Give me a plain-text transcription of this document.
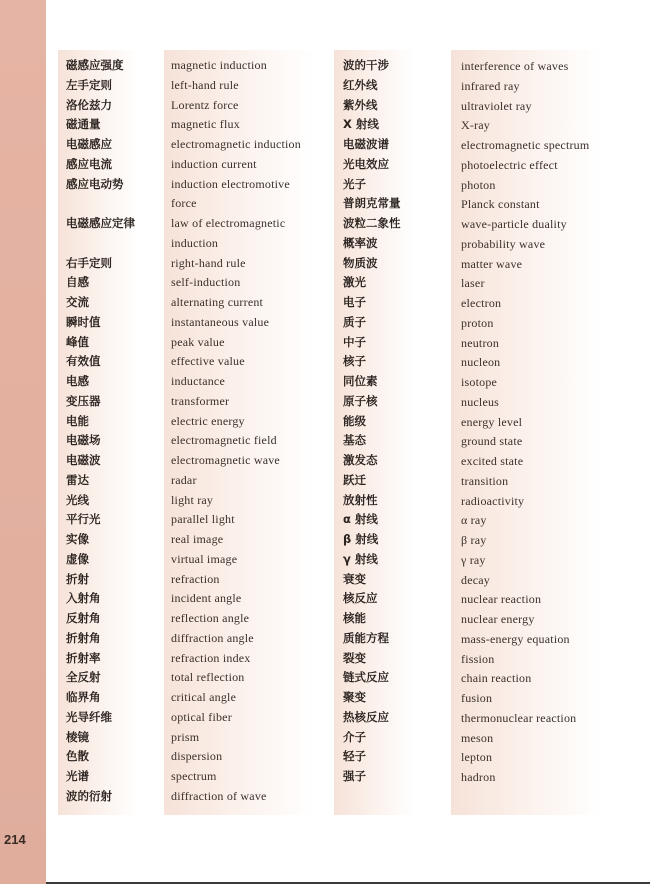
214
磁感应强度
左手定则
洛伦兹力
磁通量
电磁感应
感应电流
感应电动势
电磁感应定律
右手定则
自感
交流
瞬时值
峰值
有效值
电感
变压器
电能
电磁场
电磁波
雷达
光线
平行光
实像
虚像
折射
入射角
反射角
折射角
折射率
全反射
临界角
光导纤维
棱镜
色散
光谱
波的衍射
magnetic induction
left-hand rule
Lorentz force
magnetic flux
electromagnetic induction
induction current
induction electromotive
force
law of electromagnetic
induction
right-hand rule
self-induction
alternating current
instantaneous value
peak value
effective value
inductance
transformer
electric energy
electromagnetic field
electromagnetic wave
radar
light ray
parallel light
real image
virtual image
refraction
incident angle
reflection angle
diffraction angle
refraction index
total reflection
critical angle
optical fiber
prism
dispersion
spectrum
diffraction of wave
波的干涉
红外线
紫外线
X 射线
电磁波谱
光电效应
光子
普朗克常量
波粒二象性
概率波
物质波
激光
电子
质子
中子
核子
同位素
原子核
能级
基态
激发态
跃迁
放射性
α 射线
β 射线
γ 射线
衰变
核反应
核能
质能方程
裂变
链式反应
聚变
热核反应
介子
轻子
强子
interference of waves
infrared ray
ultraviolet ray
X-ray
electromagnetic spectrum
photoelectric effect
photon
Planck constant
wave-particle duality
probability wave
matter wave
laser
electron
proton
neutron
nucleon
isotope
nucleus
energy level
ground state
excited state
transition
radioactivity
α ray
β ray
γ ray
decay
nuclear reaction
nuclear energy
mass-energy equation
fission
chain reaction
fusion
thermonuclear reaction
meson
lepton
hadron
